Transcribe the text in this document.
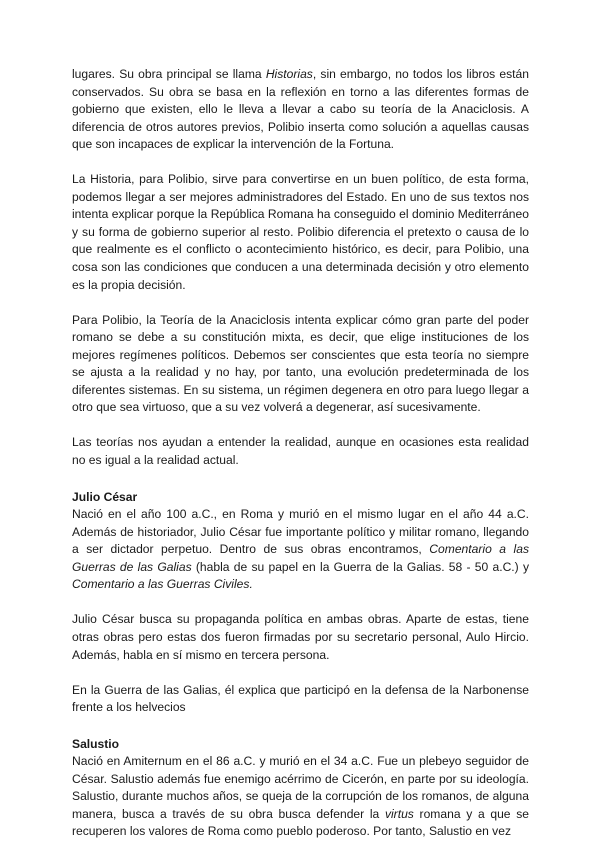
lugares. Su obra principal se llama Historias, sin embargo, no todos los libros están conservados. Su obra se basa en la reflexión en torno a las diferentes formas de gobierno que existen, ello le lleva a llevar a cabo su teoría de la Anaciclosis. A diferencia de otros autores previos, Polibio inserta como solución a aquellas causas que son incapaces de explicar la intervención de la Fortuna.

La Historia, para Polibio, sirve para convertirse en un buen político, de esta forma, podemos llegar a ser mejores administradores del Estado. En uno de sus textos nos intenta explicar porque la República Romana ha conseguido el dominio Mediterráneo y su forma de gobierno superior al resto. Polibio diferencia el pretexto o causa de lo que realmente es el conflicto o acontecimiento histórico, es decir, para Polibio, una cosa son las condiciones que conducen a una determinada decisión y otro elemento es la propia decisión.

Para Polibio, la Teoría de la Anaciclosis intenta explicar cómo gran parte del poder romano se debe a su constitución mixta, es decir, que elige instituciones de los mejores regímenes políticos. Debemos ser conscientes que esta teoría no siempre se ajusta a la realidad y no hay, por tanto, una evolución predeterminada de los diferentes sistemas. En su sistema, un régimen degenera en otro para luego llegar a otro que sea virtuoso, que a su vez volverá a degenerar, así sucesivamente.

Las teorías nos ayudan a entender la realidad, aunque en ocasiones esta realidad no es igual a la realidad actual.

Julio César

Nació en el año 100 a.C., en Roma y murió en el mismo lugar en el año 44 a.C. Además de historiador, Julio César fue importante político y militar romano, llegando a ser dictador perpetuo. Dentro de sus obras encontramos, Comentario a las Guerras de las Galias (habla de su papel en la Guerra de la Galias. 58 - 50 a.C.) y Comentario a las Guerras Civiles.

Julio César busca su propaganda política en ambas obras. Aparte de estas, tiene otras obras pero estas dos fueron firmadas por su secretario personal, Aulo Hircio. Además, habla en sí mismo en tercera persona.

En la Guerra de las Galias, él explica que participó en la defensa de la Narbonense frente a los helvecios

Salustio

Nació en Amiternum en el 86 a.C. y murió en el 34 a.C. Fue un plebeyo seguidor de César. Salustio además fue enemigo acérrimo de Cicerón, en parte por su ideología. Salustio, durante muchos años, se queja de la corrupción de los romanos, de alguna manera, busca a través de su obra busca defender la virtus romana y a que se recuperen los valores de Roma como pueblo poderoso. Por tanto, Salustio en vez
